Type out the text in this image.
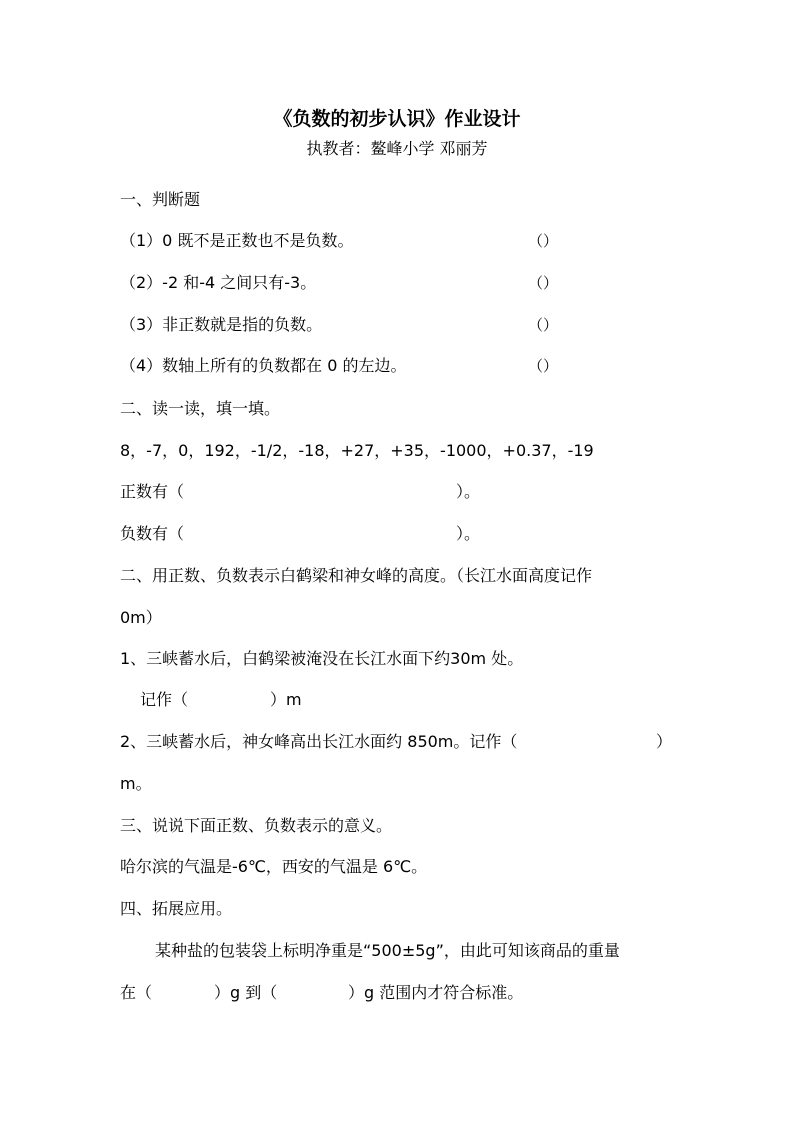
《负数的初步认识》作业设计
执教者：鳌峰小学 邓丽芳
一、判断题
（1）0 既不是正数也不是负数。	（）
（2）-2 和-4 之间只有-3。	（）
（3）非正数就是指的负数。	（）
（4）数轴上所有的负数都在 0 的左边。	（）
二、读一读，填一填。
8，-7，0，192，-1/2，-18，+27，+35，-1000，+0.37，-19
正数有（	）。
负数有（	）。
二、用正数、负数表示白鹤梁和神女峰的高度。（长江水面高度记作
0m）
1、三峡蓄水后，白鹤梁被淹没在长江水面下约30m 处。
记作（	）m
2、三峡蓄水后，神女峰高出长江水面约 850m。记作（	）
m。
三、说说下面正数、负数表示的意义。
哈尔滨的气温是-6℃，西安的气温是 6℃。
四、拓展应用。
某种盐的包装袋上标明净重是“500±5g”，由此可知该商品的重量
在（	）g 到（	）g 范围内才符合标准。
